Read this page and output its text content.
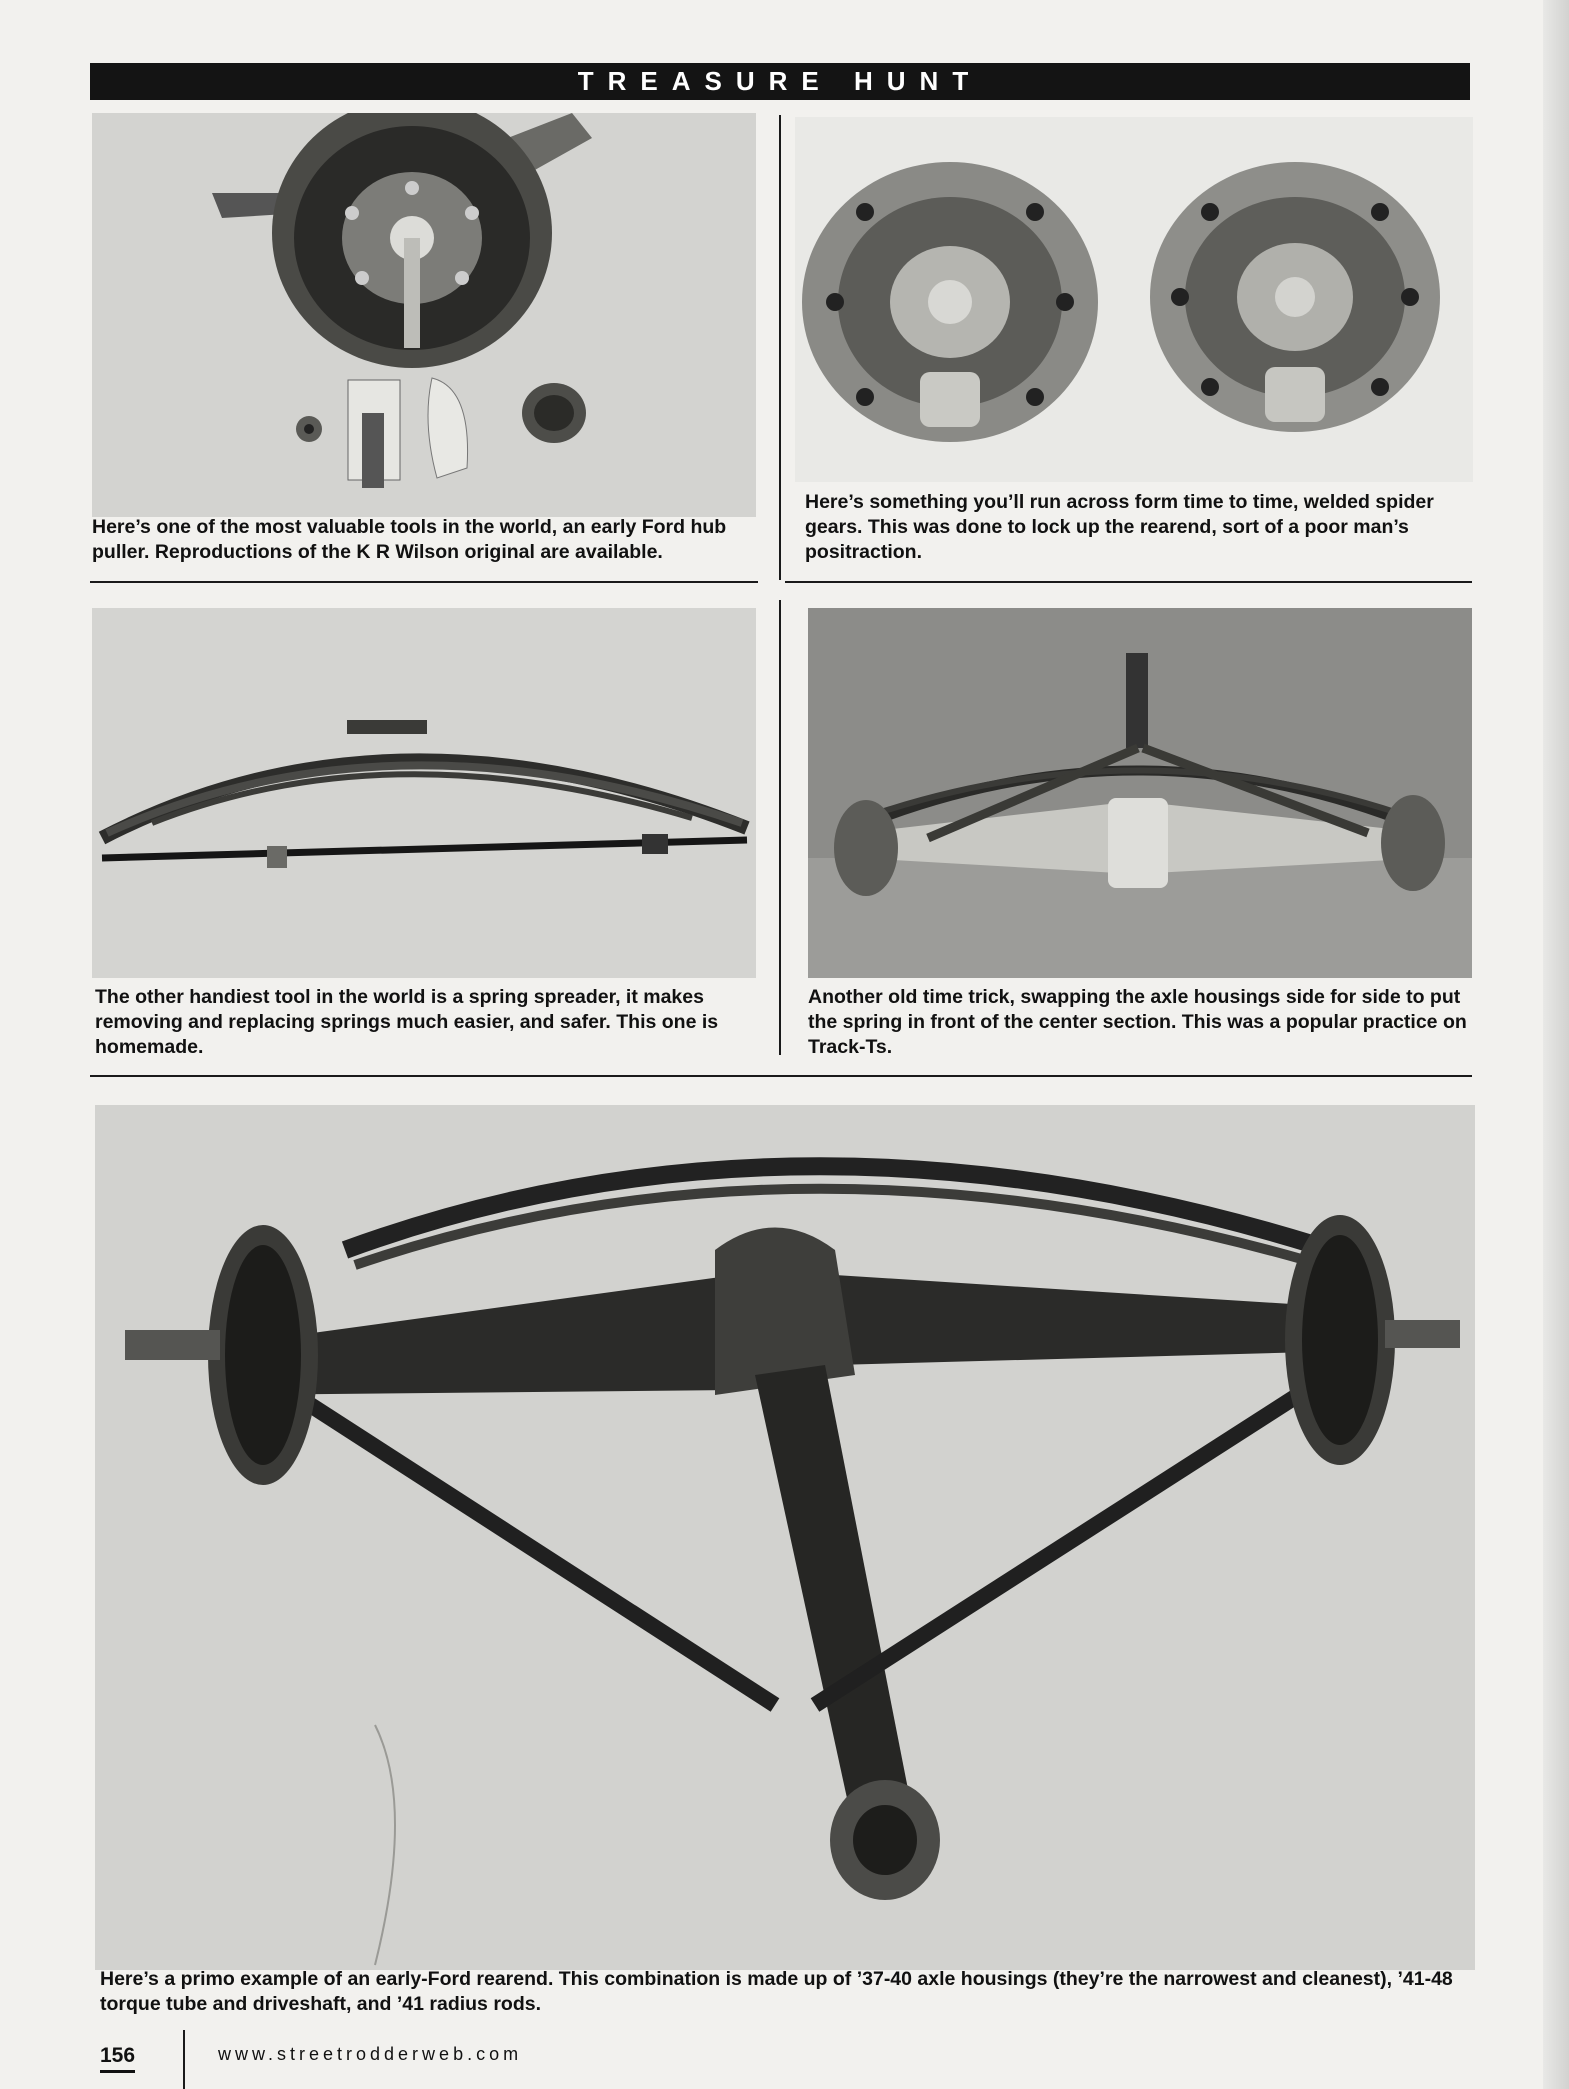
TREASURE HUNT
Here’s one of the most valuable tools in the world, an early Ford hub puller. Reproductions of the K R Wilson original are available.
Here’s something you’ll run across form time to time, welded spider gears. This was done to lock up the rearend, sort of a poor man’s positraction.
The other handiest tool in the world is a spring spreader, it makes removing and replacing springs much easier, and safer. This one is homemade.
Another old time trick, swapping the axle housings side for side to put the spring in front of the center section. This was a popular practice on Track-Ts.
Here’s a primo example of an early-Ford rearend. This combination is made up of ’37-40 axle housings (they’re the narrowest and cleanest), ’41-48 torque tube and driveshaft, and ’41 radius rods.
156	www.streetrodderweb.com
